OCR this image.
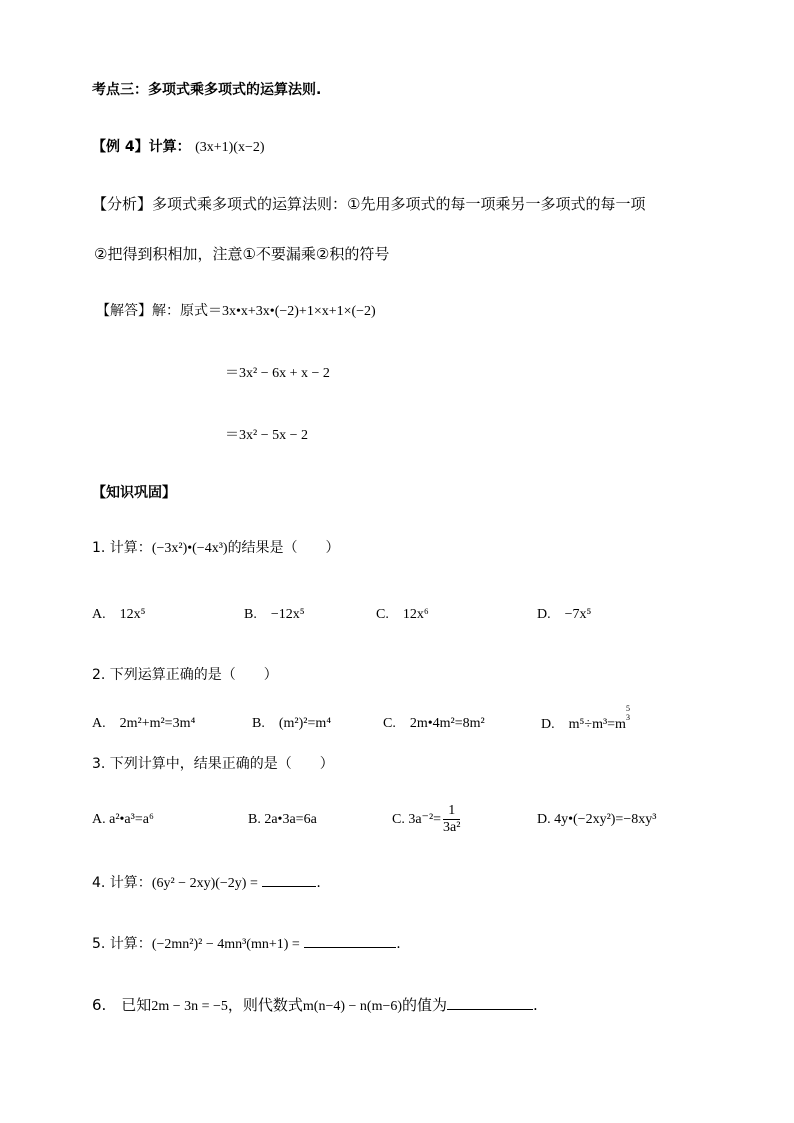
考点三：多项式乘多项式的运算法则.
【例 4】计算： (3x+1)(x−2)
【分析】多项式乘多项式的运算法则：①先用多项式的每一项乘另一多项式的每一项
②把得到积相加，注意①不要漏乘②积的符号
【解答】解：原式＝3x•x+3x•(−2)+1×x+1×(−2)
＝3x² − 6x + x − 2
＝3x² − 5x − 2
【知识巩固】
1. 计算：(−3x²)•(−4x³)的结果是（　　）
A.　12x⁵	B.　−12x⁵	C.　12x⁶	D.　−7x⁵
2. 下列运算正确的是（　　）
A.　2m²+m²=3m⁴	B.　(m²)²=m⁴	C.　2m•4m²=8m²	D.　m⁵÷m³=m
5
3
3. 下列计算中，结果正确的是（　　）
A. a²•a³=a⁶	B. 2a•3a=6a	C. $3a^{-2}= \frac{1}{\text{3a²}}$	D. 4y•(−2xy²)=−8xy³
4. 计算：(6y² − 2xy)(−2y) =	.
5. 计算：(−2mn²)² − 4mn³(mn+1) =	.
6.　已知2m − 3n = −5，则代数式m(n−4) − n(m−6)的值为	.
